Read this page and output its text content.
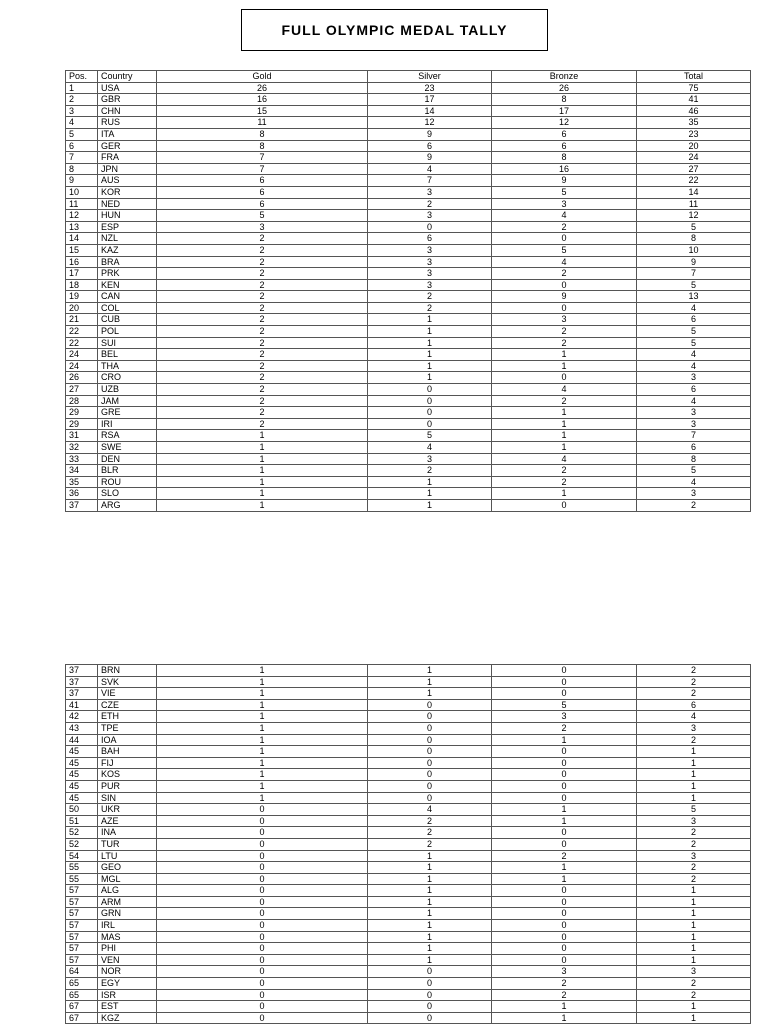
FULL OLYMPIC MEDAL TALLY
Pos.	Country	Gold	Silver	Bronze	Total
1	USA	26	23	26	75
2	GBR	16	17	8	41
3	CHN	15	14	17	46
4	RUS	11	12	12	35
5	ITA	8	9	6	23
6	GER	8	6	6	20
7	FRA	7	9	8	24
8	JPN	7	4	16	27
9	AUS	6	7	9	22
10	KOR	6	3	5	14
11	NED	6	2	3	11
12	HUN	5	3	4	12
13	ESP	3	0	2	5
14	NZL	2	6	0	8
15	KAZ	2	3	5	10
16	BRA	2	3	4	9
17	PRK	2	3	2	7
18	KEN	2	3	0	5
19	CAN	2	2	9	13
20	COL	2	2	0	4
21	CUB	2	1	3	6
22	POL	2	1	2	5
22	SUI	2	1	2	5
24	BEL	2	1	1	4
24	THA	2	1	1	4
26	CRO	2	1	0	3
27	UZB	2	0	4	6
28	JAM	2	0	2	4
29	GRE	2	0	1	3
29	IRI	2	0	1	3
31	RSA	1	5	1	7
32	SWE	1	4	1	6
33	DEN	1	3	4	8
34	BLR	1	2	2	5
35	ROU	1	1	2	4
36	SLO	1	1	1	3
37	ARG	1	1	0	2
37	BRN	1	1	0	2
37	SVK	1	1	0	2
37	VIE	1	1	0	2
41	CZE	1	0	5	6
42	ETH	1	0	3	4
43	TPE	1	0	2	3
44	IOA	1	0	1	2
45	BAH	1	0	0	1
45	FIJ	1	0	0	1
45	KOS	1	0	0	1
45	PUR	1	0	0	1
45	SIN	1	0	0	1
50	UKR	0	4	1	5
51	AZE	0	2	1	3
52	INA	0	2	0	2
52	TUR	0	2	0	2
54	LTU	0	1	2	3
55	GEO	0	1	1	2
55	MGL	0	1	1	2
57	ALG	0	1	0	1
57	ARM	0	1	0	1
57	GRN	0	1	0	1
57	IRL	0	1	0	1
57	MAS	0	1	0	1
57	PHI	0	1	0	1
57	VEN	0	1	0	1
64	NOR	0	0	3	3
65	EGY	0	0	2	2
65	ISR	0	0	2	2
67	EST	0	0	1	1
67	KGZ	0	0	1	1
